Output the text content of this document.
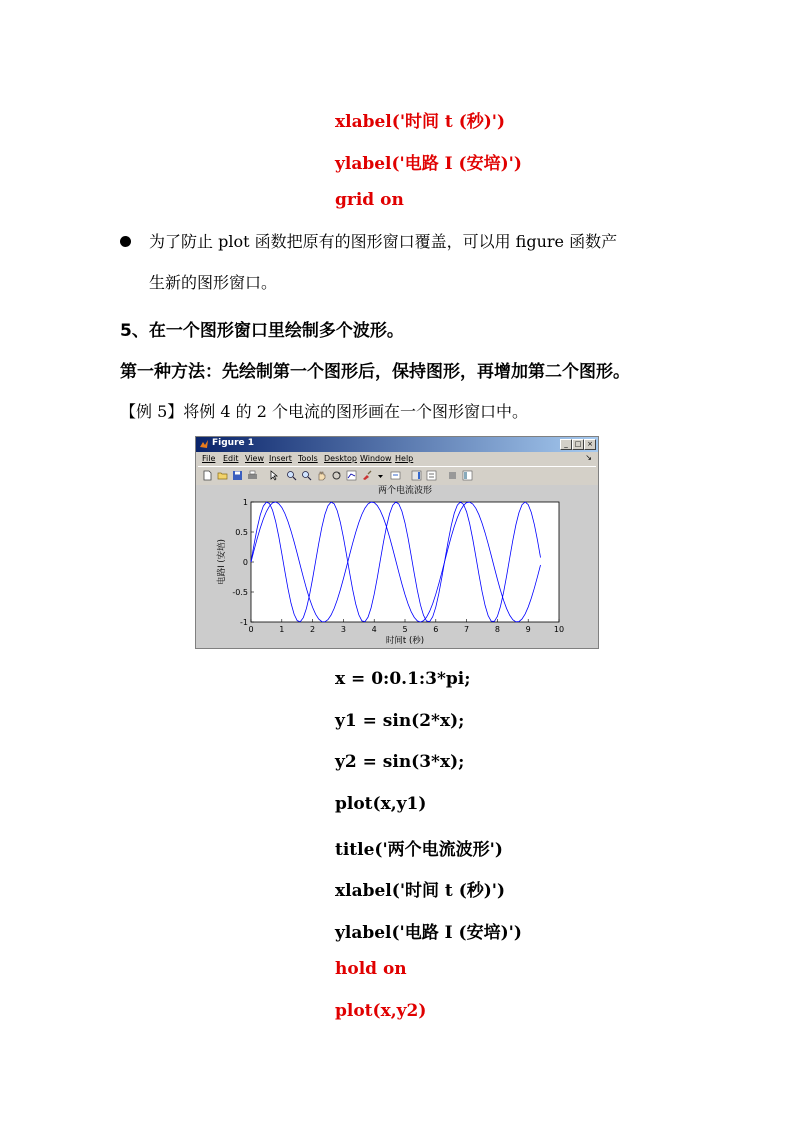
xlabel('时间 t (秒)')
ylabel('电路 I (安培)')
grid on
为了防止 plot 函数把原有的图形窗口覆盖，可以用 figure 函数产
生新的图形窗口。
5、在一个图形窗口里绘制多个波形。
第一种方法：先绘制第一个图形后，保持图形，再增加第二个图形。
【例 5】将例 4 的 2 个电流的图形画在一个图形窗口中。
Figure 1	_ □ ×
File Edit View Insert Tools Desktop Window Help	↘
两个电流波形
1
0.5
0
-0.5
-1
0	1	2	3	4	5	6	7	8	9	10
时间t (秒)
电路I (安培)
x = 0:0.1:3*pi;
y1 = sin(2*x);
y2 = sin(3*x);
plot(x,y1)
title('两个电流波形')
xlabel('时间 t (秒)')
ylabel('电路 I (安培)')
hold on
plot(x,y2)
